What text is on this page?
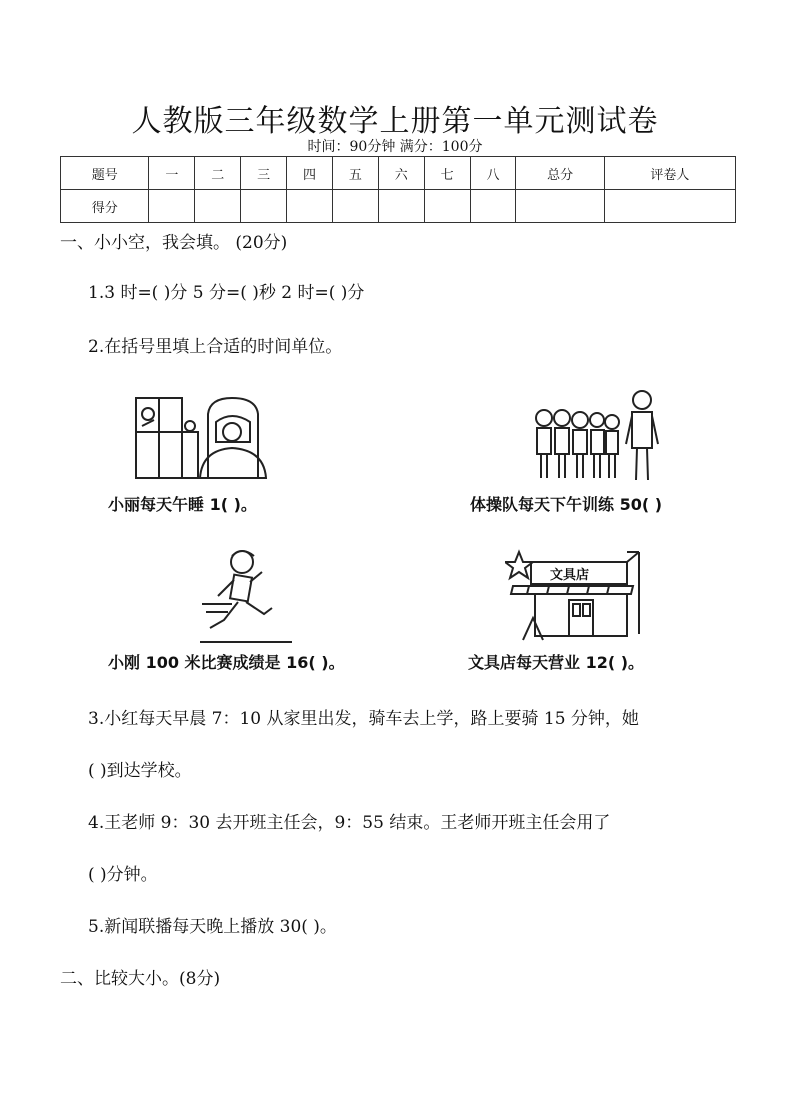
人教版三年级数学上册第一单元测试卷
时间：90分钟 满分：100分
题号	一	二	三	四	五	六	七	八	总分	评卷人
得分										
一、小小空，我会填。 (20分)
1.3 时=( )分 5 分=( )秒 2 时=( )分
2.在括号里填上合适的时间单位。
小丽每天午睡 1( )。	体操队每天下午训练 50( )
文具店
小刚 100 米比赛成绩是 16( )。	文具店每天营业 12( )。
3.小红每天早晨 7：10 从家里出发，骑车去上学，路上要骑 15 分钟，她
( )到达学校。
4.王老师 9：30 去开班主任会，9：55 结束。王老师开班主任会用了
( )分钟。
5.新闻联播每天晚上播放 30( )。
二、比较大小。(8分)
